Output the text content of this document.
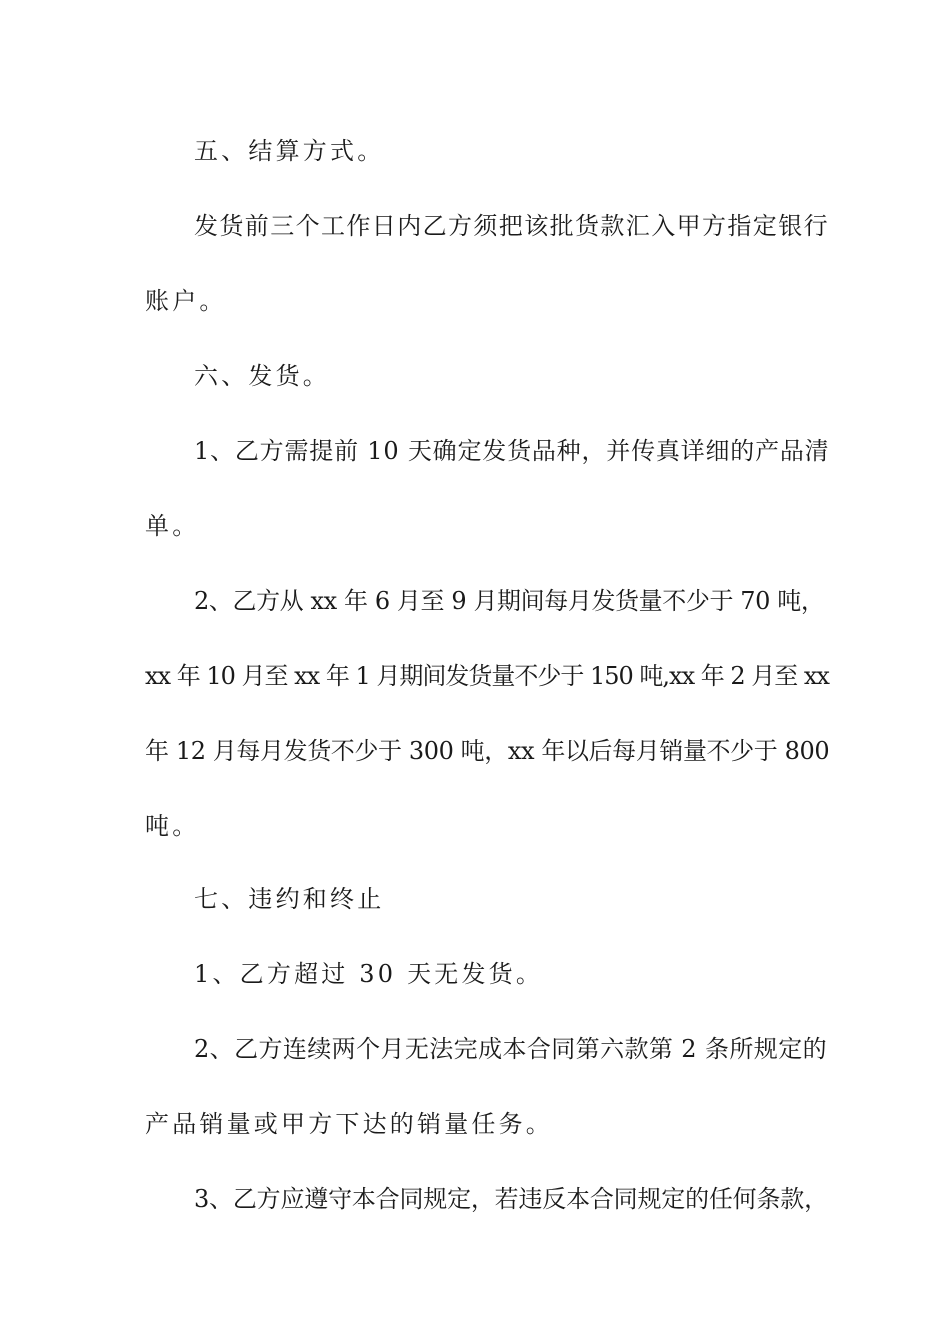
五、结算方式。
发货前三个工作日内乙方须把该批货款汇入甲方指定银行
账户。
六、发货。
1、乙方需提前 10 天确定发货品种，并传真详细的产品清
单。
2、乙方从 xx 年 6 月至 9 月期间每月发货量不少于 70 吨，
xx 年 10 月至 xx 年 1 月期间发货量不少于 150 吨,xx 年 2 月至 xx
年 12 月每月发货不少于 300 吨，xx 年以后每月销量不少于 800
吨。
七、违约和终止
1、乙方超过 30 天无发货。
2、乙方连续两个月无法完成本合同第六款第 2 条所规定的
产品销量或甲方下达的销量任务。
3、乙方应遵守本合同规定，若违反本合同规定的任何条款，
